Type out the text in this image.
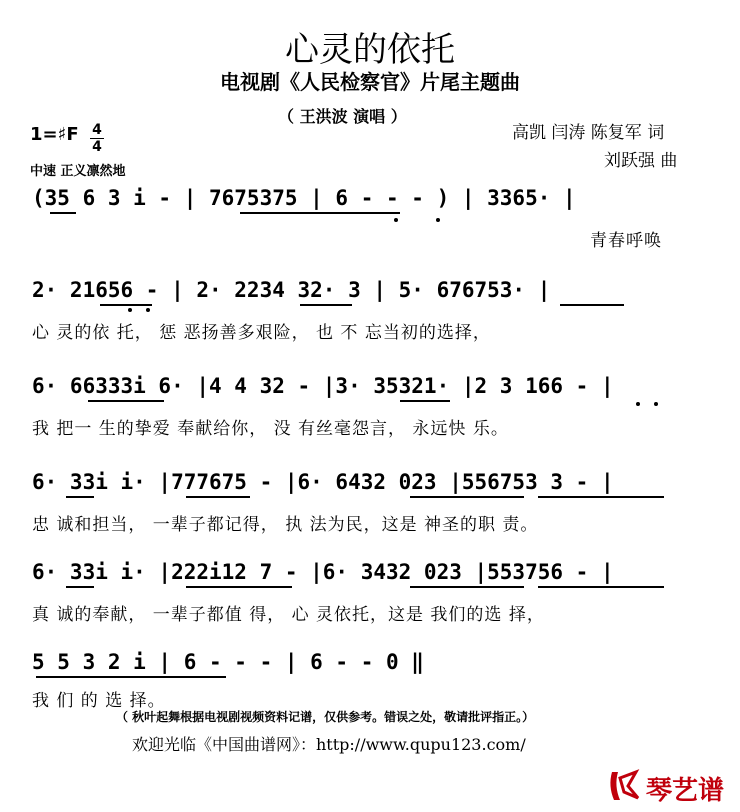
心灵的依托
电视剧《人民检察官》片尾主题曲
（ 王洪波 演唱 ）
高凯 闫涛 陈复军 词
刘跃强 曲
1=♯F 4
4
中速 正义凛然地
(35 6 3 i - | 7675375 | 6 - - - ) | 3365· |
青春呼唤
2· 21656 - | 2· 2234 32· 3 | 5· 676753· |
心 灵的依 托， 惩 恶扬善多艰险， 也 不 忘当初的选择，
6· 66333i 6· |4 4 32 - |3· 35321· |2 3 166 - |
我 把一 生的挚爱 奉献给你， 没 有丝毫怨言， 永远快 乐。
6· 33i i· |777675 - |6· 6432 023 |556753 3 - |
忠 诚和担当， 一辈子都记得， 执 法为民，这是 神圣的职 责。
6· 33i i· |222i12 7 - |6· 3432 023 |553756 - |
真 诚的奉献， 一辈子都值 得， 心 灵依托，这是 我们的选 择，
5 5 3 2 i | 6 - - - | 6 - - 0 ‖
我 们 的 选 择。
（ 秋叶起舞根据电视剧视频资料记谱，仅供参考。错误之处，敬请批评指正。）
欢迎光临《中国曲谱网》：http://www.qupu123.com/
琴艺谱
